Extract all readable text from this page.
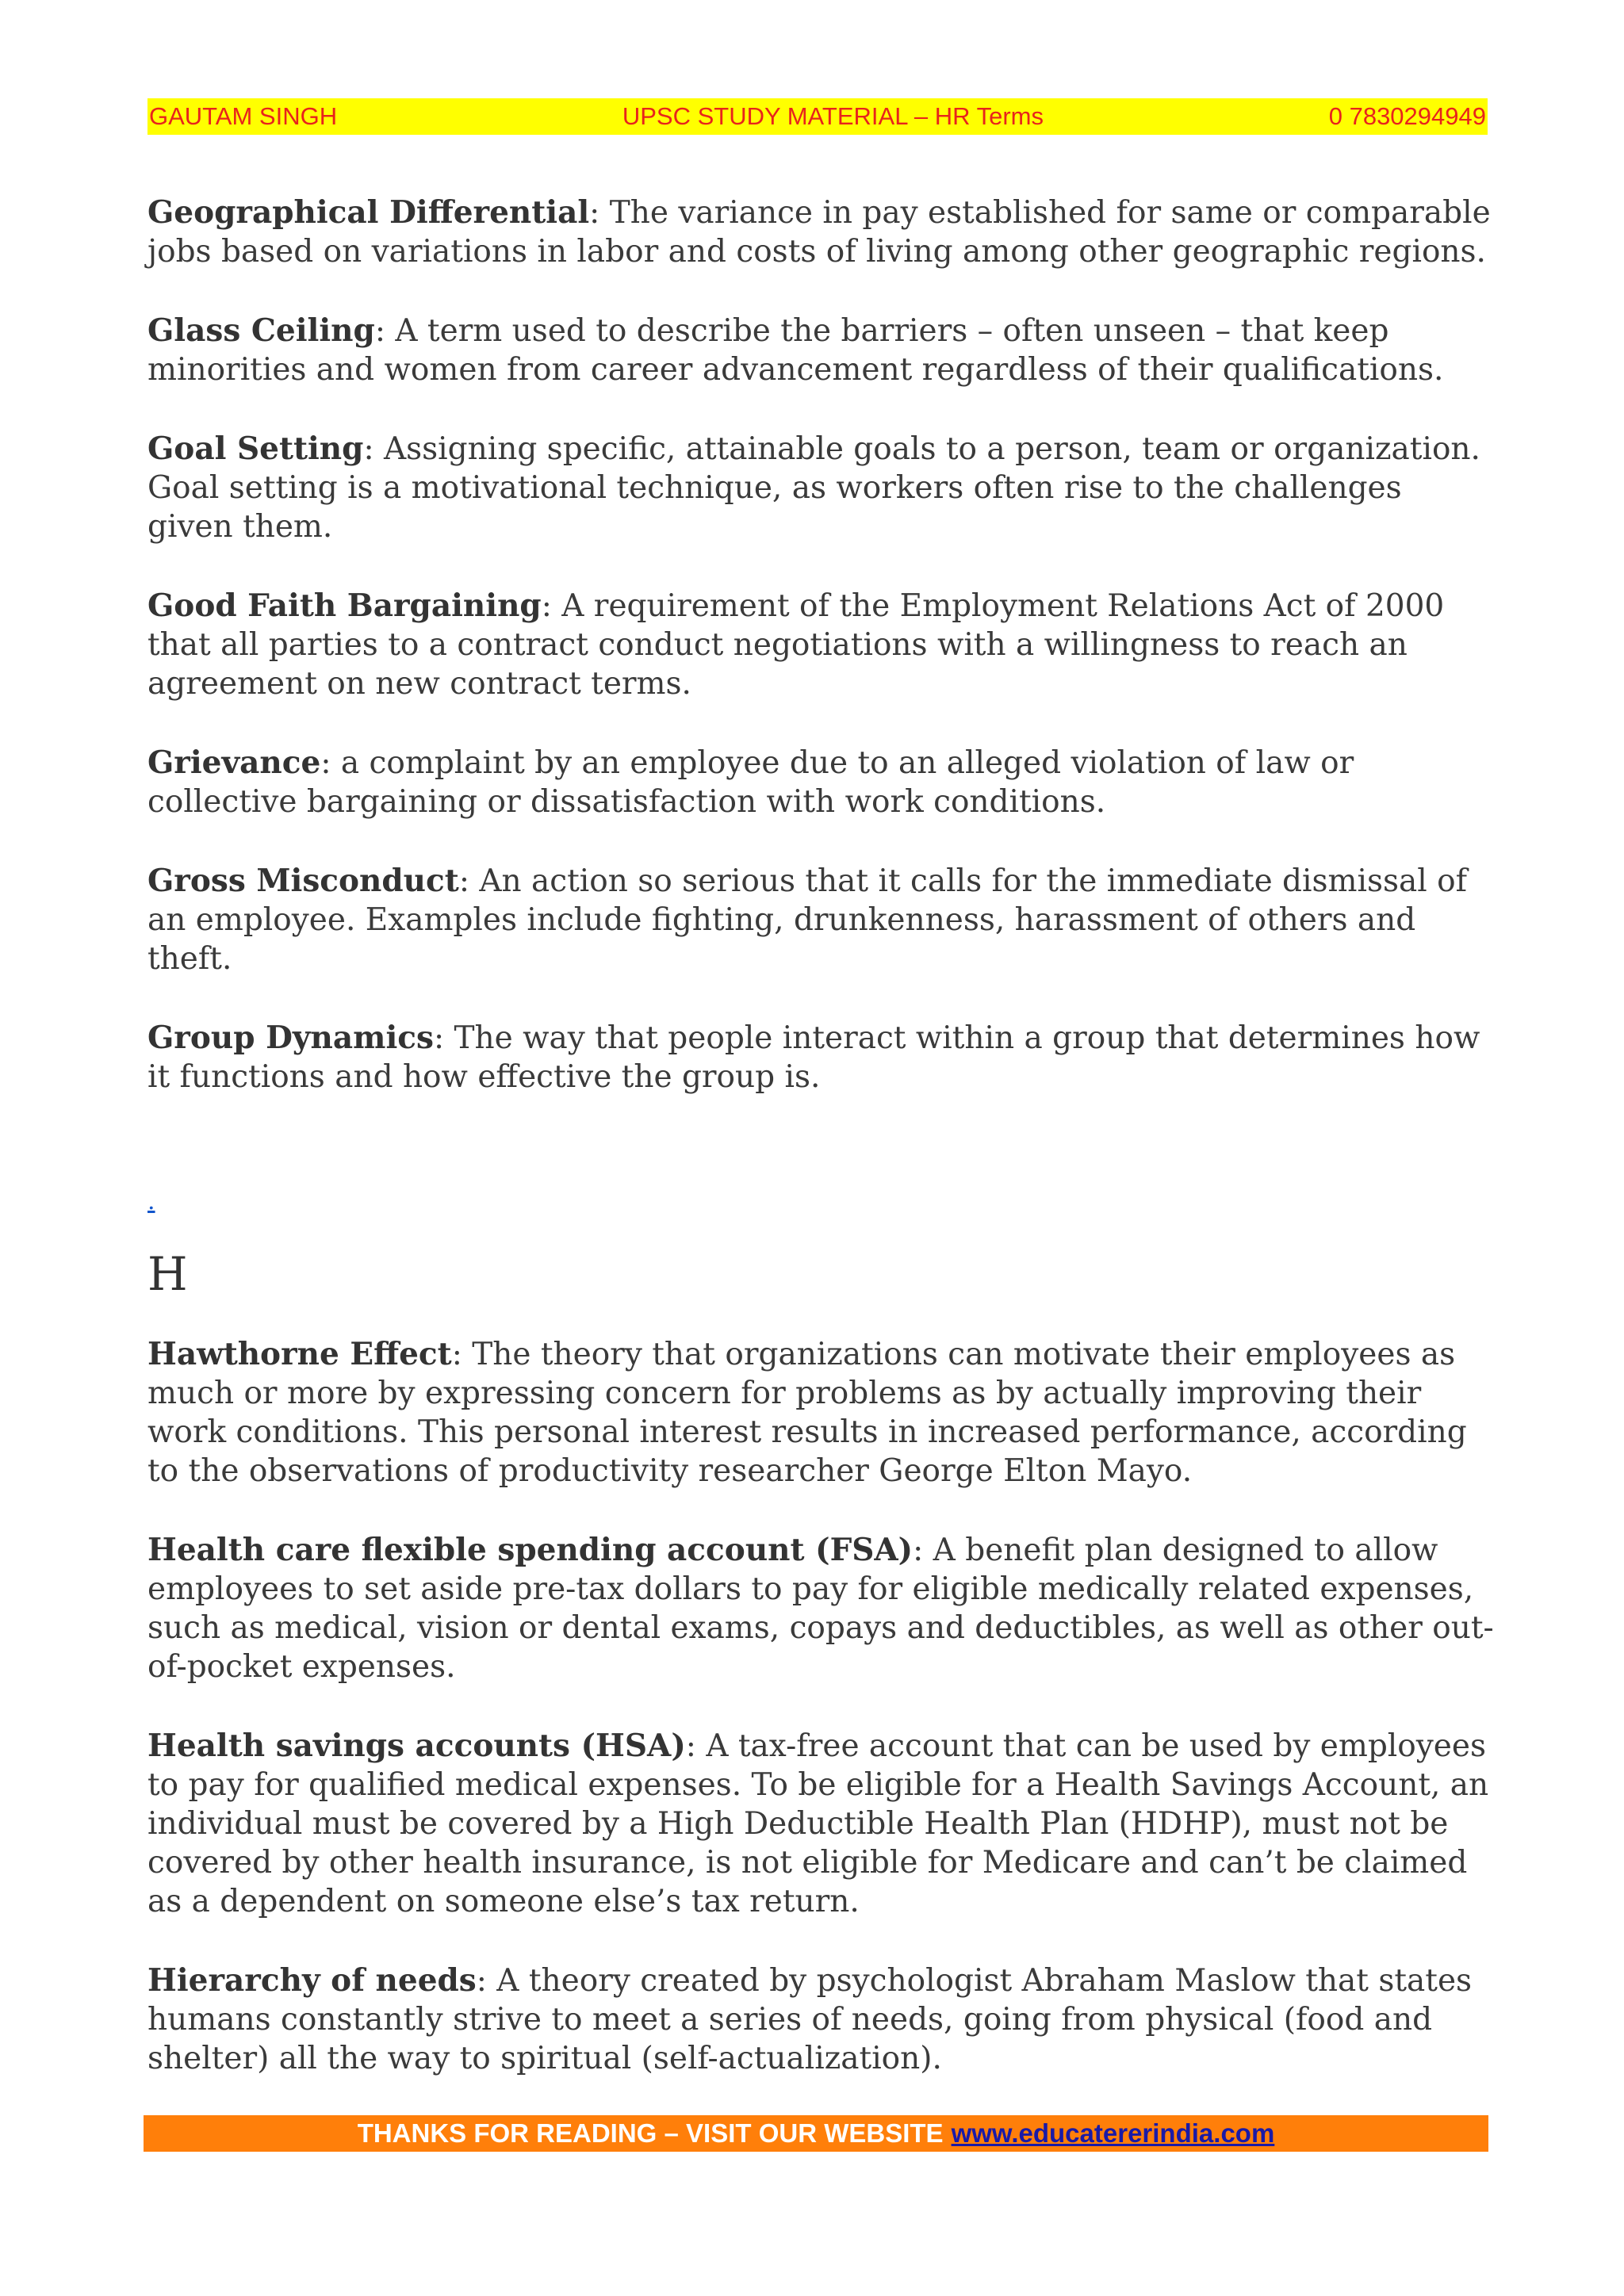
GAUTAM SINGH	UPSC STUDY MATERIAL – HR Terms	0 7830294949

Geographical Differential: The variance in pay established for same or comparable jobs based on variations in labor and costs of living among other geographic regions.

Glass Ceiling: A term used to describe the barriers – often unseen – that keep minorities and women from career advancement regardless of their qualifications.

Goal Setting: Assigning specific, attainable goals to a person, team or organization. Goal setting is a motivational technique, as workers often rise to the challenges given them.

Good Faith Bargaining: A requirement of the Employment Relations Act of 2000 that all parties to a contract conduct negotiations with a willingness to reach an agreement on new contract terms.

Grievance: a complaint by an employee due to an alleged violation of law or collective bargaining or dissatisfaction with work conditions.

Gross Misconduct: An action so serious that it calls for the immediate dismissal of an employee. Examples include fighting, drunkenness, harassment of others and theft.

Group Dynamics: The way that people interact within a group that determines how it functions and how effective the group is.

.
H

Hawthorne Effect: The theory that organizations can motivate their employees as much or more by expressing concern for problems as by actually improving their work conditions. This personal interest results in increased performance, according to the observations of productivity researcher George Elton Mayo.

Health care flexible spending account (FSA): A benefit plan designed to allow employees to set aside pre-tax dollars to pay for eligible medically related expenses, such as medical, vision or dental exams, copays and deductibles, as well as other out-of-pocket expenses.

Health savings accounts (HSA): A tax-free account that can be used by employees to pay for qualified medical expenses. To be eligible for a Health Savings Account, an individual must be covered by a High Deductible Health Plan (HDHP), must not be covered by other health insurance, is not eligible for Medicare and can’t be claimed as a dependent on someone else’s tax return.

Hierarchy of needs: A theory created by psychologist Abraham Maslow that states humans constantly strive to meet a series of needs, going from physical (food and shelter) all the way to spiritual (self-actualization).

THANKS FOR READING – VISIT OUR WEBSITE www.educatererindia.com
